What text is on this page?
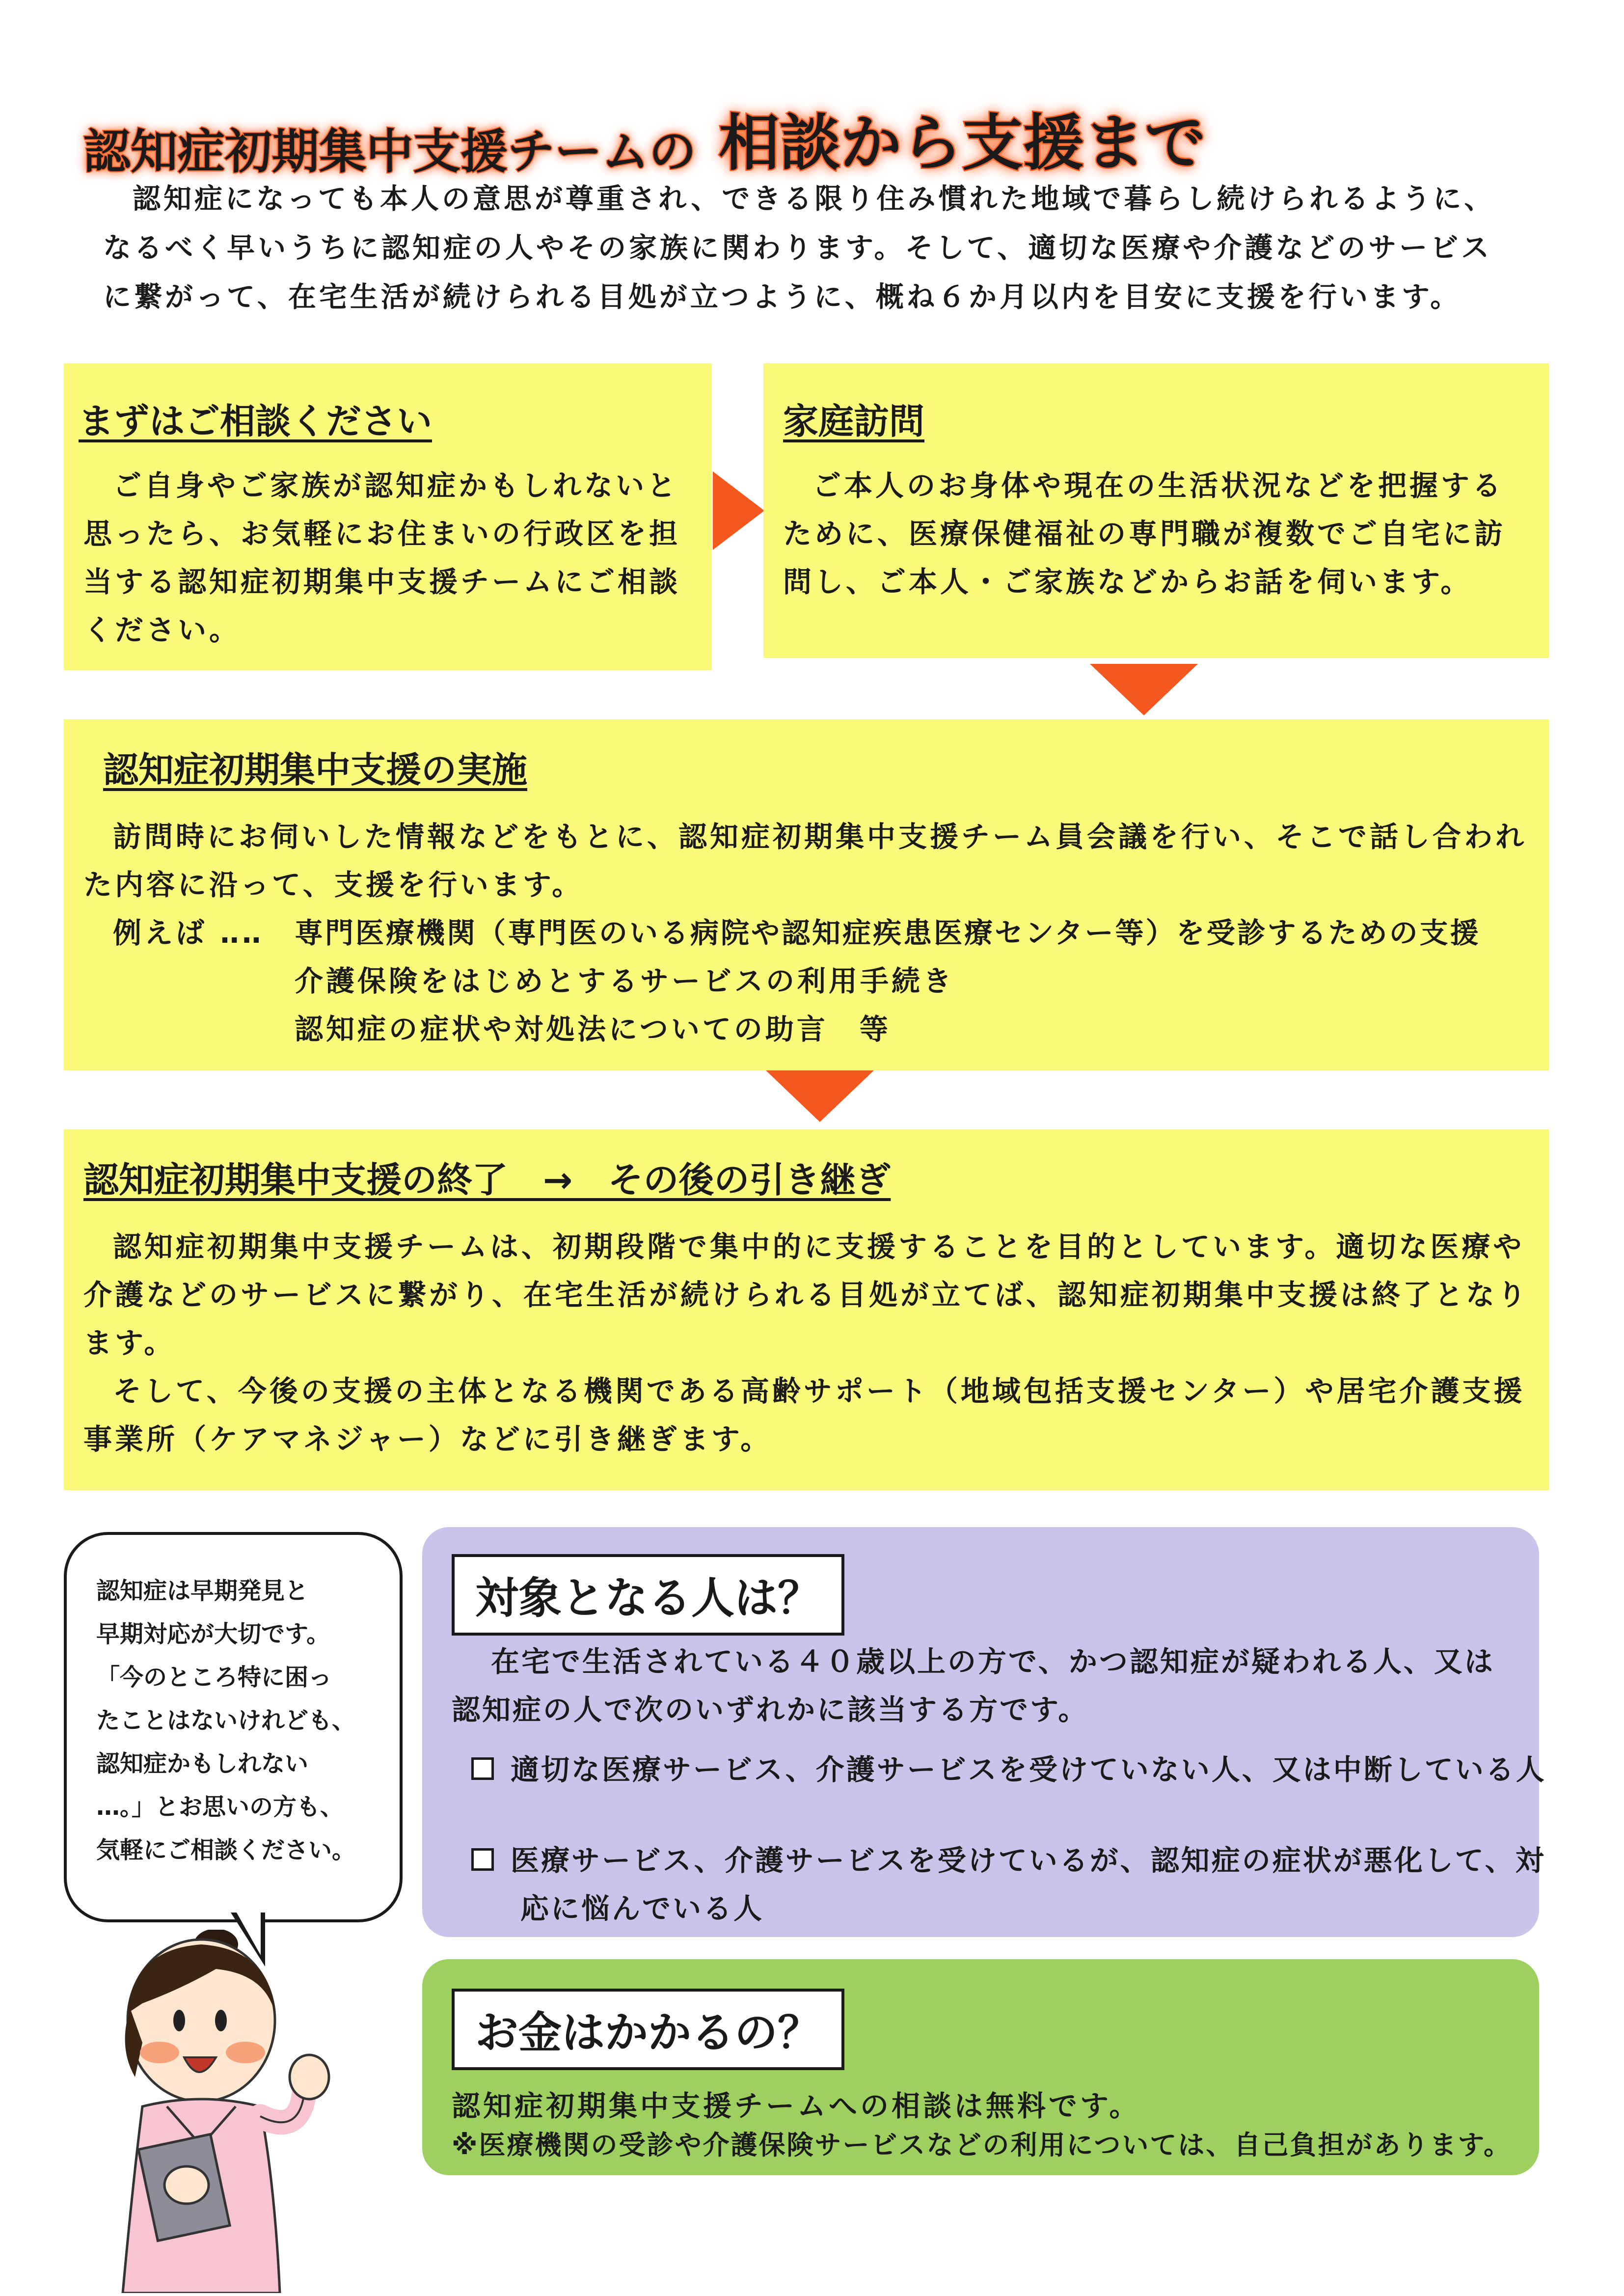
認知症初期集中支援チームの 相談から支援まで
認知症になっても本人の意思が尊重され、できる限り住み慣れた地域で暮らし続けられるように、なるべく早いうちに認知症の人やその家族に関わります。そして、適切な医療や介護などのサービスに繋がって、在宅生活が続けられる目処が立つように、概ね６か月以内を目安に支援を行います。
まずはご相談ください
ご自身やご家族が認知症かもしれないと思ったら、お気軽にお住まいの行政区を担当する認知症初期集中支援チームにご相談ください。
家庭訪問
ご本人のお身体や現在の生活状況などを把握するために、医療保健福祉の専門職が複数でご自宅に訪問し、ご本人・ご家族などからお話を伺います。
認知症初期集中支援の実施
訪問時にお伺いした情報などをもとに、認知症初期集中支援チーム員会議を行い、そこで話し合われた内容に沿って、支援を行います。
例えば ‥‥ 専門医療機関（専門医のいる病院や認知症疾患医療センター等）を受診するための支援
介護保険をはじめとするサービスの利用手続き
認知症の症状や対処法についての助言　等
認知症初期集中支援の終了　→　その後の引き継ぎ
認知症初期集中支援チームは、初期段階で集中的に支援することを目的としています。適切な医療や介護などのサービスに繋がり、在宅生活が続けられる目処が立てば、認知症初期集中支援は終了となります。
そして、今後の支援の主体となる機関である高齢サポート（地域包括支援センター）や居宅介護支援事業所（ケアマネジャー）などに引き継ぎます。
認知症は早期発見と
早期対応が大切です。
「今のところ特に困っ
たことはないけれども、
認知症かもしれない
…。」とお思いの方も、
気軽にご相談ください。
対象となる人は？
在宅で生活されている４０歳以上の方で、かつ認知症が疑われる人、又は認知症の人で次のいずれかに該当する方です。
適切な医療サービス、介護サービスを受けていない人、又は中断している人
医療サービス、介護サービスを受けているが、認知症の症状が悪化して、対応に悩んでいる人
お金はかかるの？
認知症初期集中支援チームへの相談は無料です。
※医療機関の受診や介護保険サービスなどの利用については、自己負担があります。
